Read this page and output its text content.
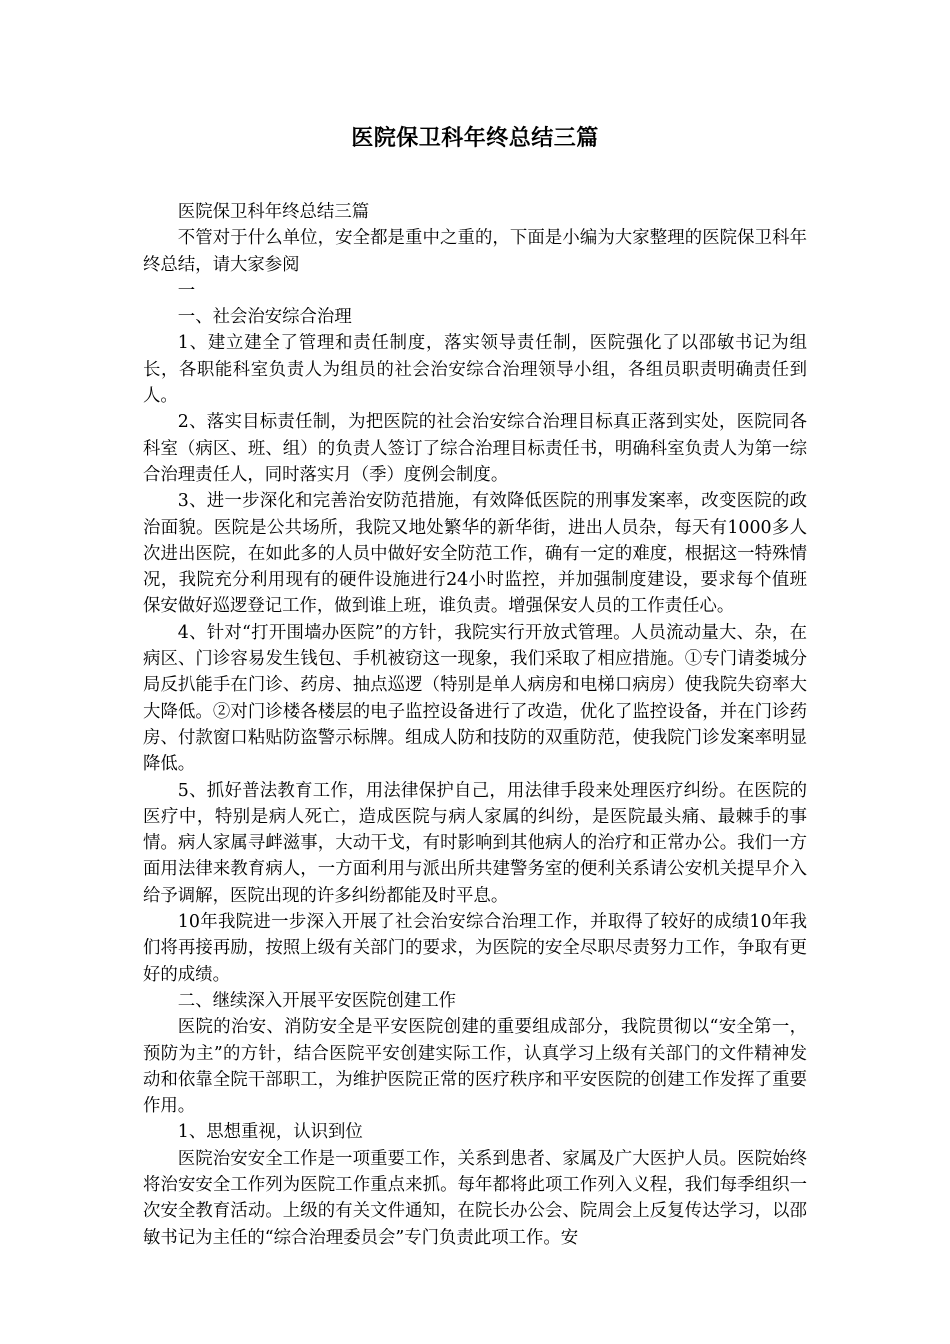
医院保卫科年终总结三篇

医院保卫科年终总结三篇

不管对于什么单位，安全都是重中之重的，下面是小编为大家整理的医院保卫科年终总结，请大家参阅

一

一、社会治安综合治理

1、建立建全了管理和责任制度，落实领导责任制，医院强化了以邵敏书记为组长，各职能科室负责人为组员的社会治安综合治理领导小组，各组员职责明确责任到人。

2、落实目标责任制，为把医院的社会治安综合治理目标真正落到实处，医院同各科室（病区、班、组）的负责人签订了综合治理目标责任书，明确科室负责人为第一综合治理责任人，同时落实月（季）度例会制度。

3、进一步深化和完善治安防范措施，有效降低医院的刑事发案率，改变医院的政治面貌。医院是公共场所，我院又地处繁华的新华街，进出人员杂，每天有1000多人次进出医院，在如此多的人员中做好安全防范工作，确有一定的难度，根据这一特殊情况，我院充分利用现有的硬件设施进行24小时监控，并加强制度建设，要求每个值班保安做好巡逻登记工作，做到谁上班，谁负责。增强保安人员的工作责任心。

4、针对“打开围墙办医院”的方针，我院实行开放式管理。人员流动量大、杂，在病区、门诊容易发生钱包、手机被窃这一现象，我们采取了相应措施。①专门请娄城分局反扒能手在门诊、药房、抽点巡逻（特别是单人病房和电梯口病房）使我院失窃率大大降低。②对门诊楼各楼层的电子监控设备进行了改造，优化了监控设备，并在门诊药房、付款窗口粘贴防盗警示标牌。组成人防和技防的双重防范，使我院门诊发案率明显降低。

5、抓好普法教育工作，用法律保护自己，用法律手段来处理医疗纠纷。在医院的医疗中，特别是病人死亡，造成医院与病人家属的纠纷，是医院最头痛、最棘手的事情。病人家属寻衅滋事，大动干戈，有时影响到其他病人的治疗和正常办公。我们一方面用法律来教育病人，一方面利用与派出所共建警务室的便利关系请公安机关提早介入给予调解，医院出现的许多纠纷都能及时平息。

10年我院进一步深入开展了社会治安综合治理工作，并取得了较好的成绩10年我们将再接再励，按照上级有关部门的要求，为医院的安全尽职尽责努力工作，争取有更好的成绩。

二、继续深入开展平安医院创建工作

医院的治安、消防安全是平安医院创建的重要组成部分，我院贯彻以“安全第一，预防为主”的方针，结合医院平安创建实际工作，认真学习上级有关部门的文件精神发动和依靠全院干部职工，为维护医院正常的医疗秩序和平安医院的创建工作发挥了重要作用。

1、思想重视，认识到位

医院治安安全工作是一项重要工作，关系到患者、家属及广大医护人员。医院始终将治安安全工作列为医院工作重点来抓。每年都将此项工作列入义程，我们每季组织一次安全教育活动。上级的有关文件通知，在院长办公会、院周会上反复传达学习，以邵敏书记为主任的“综合治理委员会”专门负责此项工作。安
